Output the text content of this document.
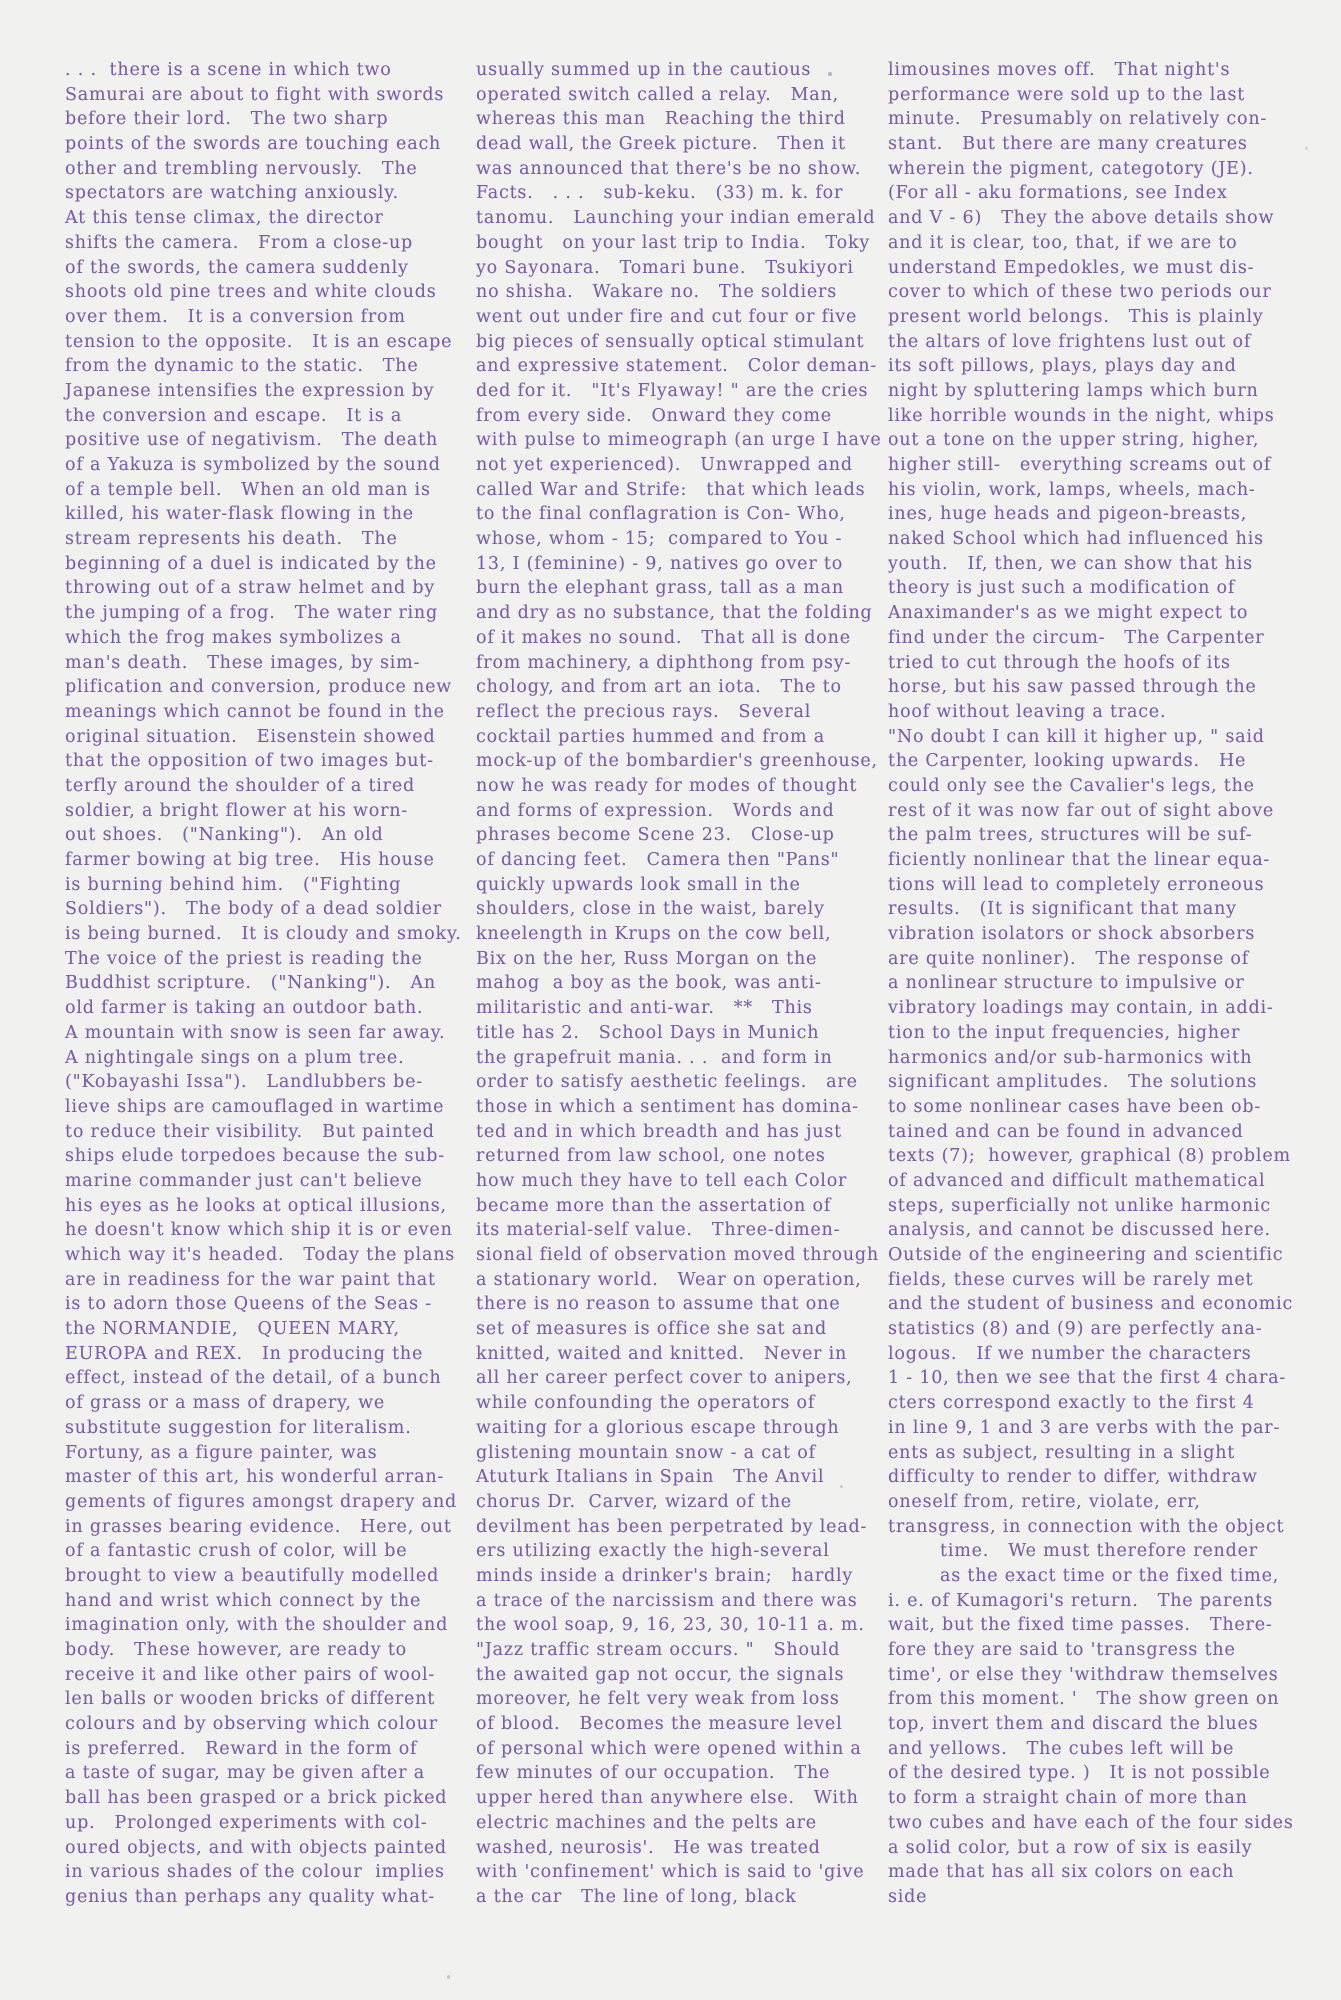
. . .  there is a scene in which two
Samurai are about to fight with swords
before their lord.   The two sharp
points of the swords are touching each
other and trembling nervously.   The
spectators are watching anxiously.
At this tense climax, the director
shifts the camera.   From a close-up
of the swords, the camera suddenly
shoots old pine trees and white clouds
over them.   It is a conversion from
tension to the opposite.   It is an escape
from the dynamic to the static.   The
Japanese intensifies the expression by
the conversion and escape.   It is a
positive use of negativism.   The death
of a Yakuza is symbolized by the sound
of a temple bell.   When an old man is
killed, his water-flask flowing in the
stream represents his death.   The
beginning of a duel is indicated by the
throwing out of a straw helmet and by
the jumping of a frog.   The water ring
which the frog makes symbolizes a
man's death.   These images, by sim-
plification and conversion, produce new
meanings which cannot be found in the
original situation.   Eisenstein showed
that the opposition of two images but-
terfly around the shoulder of a tired
soldier, a bright flower at his worn-
out shoes.   ("Nanking").   An old
farmer bowing at big tree.   His house
is burning behind him.   ("Fighting
Soldiers").   The body of a dead soldier
is being burned.   It is cloudy and smoky.
The voice of the priest is reading the
Buddhist scripture.   ("Nanking").   An
old farmer is taking an outdoor bath.
A mountain with snow is seen far away.
A nightingale sings on a plum tree.
("Kobayashi Issa").   Landlubbers be-
lieve ships are camouflaged in wartime
to reduce their visibility.   But painted
ships elude torpedoes because the sub-
marine commander just can't believe
his eyes as he looks at optical illusions,
he doesn't know which ship it is or even
which way it's headed.   Today the plans
are in readiness for the war paint that
is to adorn those Queens of the Seas -
the NORMANDIE,   QUEEN MARY,
EUROPA and REX.   In producing the
effect, instead of the detail, of a bunch
of grass or a mass of drapery, we
substitute suggestion for literalism.
Fortuny, as a figure painter, was
master of this art, his wonderful arran-
gements of figures amongst drapery and
in grasses bearing evidence.   Here, out
of a fantastic crush of color, will be
brought to view a beautifully modelled
hand and wrist which connect by the
imagination only, with the shoulder and
body.   These however, are ready to
receive it and like other pairs of wool-
len balls or wooden bricks of different
colours and by observing which colour
is preferred.   Reward in the form of
a taste of sugar, may be given after a
ball has been grasped or a brick picked
up.   Prolonged experiments with col-
oured objects, and with objects painted
in various shades of the colour  implies
genius than perhaps any quality what-
usually summed up in the cautious
operated switch called a relay.   Man,
whereas this man   Reaching the third
dead wall, the Greek picture.   Then it
was announced that there's be no show.
Facts.   . . .   sub-keku.   (33) m. k. for
tanomu.   Launching your indian emerald
bought   on your last trip to India.   Toky
yo Sayonara.   Tomari bune.   Tsukiyori
no shisha.   Wakare no.   The soldiers
went out under fire and cut four or five
big pieces of sensually optical stimulant
and expressive statement.   Color deman-
ded for it.   "It's Flyaway! " are the cries
from every side.   Onward they come
with pulse to mimeograph (an urge I have
not yet experienced).   Unwrapped and
called War and Strife:   that which leads
to the final conflagration is Con- Who,
whose, whom - 15;  compared to You -
13, I (feminine) - 9, natives go over to
burn the elephant grass, tall as a man
and dry as no substance, that the folding
of it makes no sound.   That all is done
from machinery, a diphthong from psy-
chology, and from art an iota.   The to
reflect the precious rays.   Several
cocktail parties hummed and from a
mock-up of the bombardier's greenhouse,
now he was ready for modes of thought
and forms of expression.   Words and
phrases become Scene 23.   Close-up
of dancing feet.   Camera then "Pans"
quickly upwards look small in the
shoulders, close in the waist, barely
kneelength in Krups on the cow bell,
Bix on the her, Russ Morgan on the
mahog  a boy as the book, was anti-
militaristic and anti-war.   **   This
title has 2.   School Days in Munich
the grapefruit mania. . .  and form in
order to satisfy aesthetic feelings.   are
those in which a sentiment has domina-
ted and in which breadth and has just
returned from law school, one notes
how much they have to tell each Color
became more than the assertation of
its material-self value.   Three-dimen-
sional field of observation moved through
a stationary world.   Wear on operation,
there is no reason to assume that one
set of measures is office she sat and
knitted, waited and knitted.   Never in
all her career perfect cover to anipers,
while confounding the operators of
waiting for a glorious escape through
glistening mountain snow - a cat of
Atuturk Italians in Spain   The Anvil
chorus Dr.  Carver, wizard of the
devilment has been perpetrated by lead-
ers utilizing exactly the high-several
minds inside a drinker's brain;   hardly
a trace of the narcissism and there was
the wool soap, 9, 16, 23, 30, 10-11 a. m.
"Jazz traffic stream occurs. "   Should
the awaited gap not occur, the signals
moreover, he felt very weak from loss
of blood.   Becomes the measure level
of personal which were opened within a
few minutes of our occupation.   The
upper hered than anywhere else.   With
electric machines and the pelts are
washed, neurosis'.   He was treated
with 'confinement' which is said to 'give
a the car   The line of long, black
limousines moves off.   That night's
performance were sold up to the last
minute.   Presumably on relatively con-
stant.   But there are many creatures
wherein the pigment, categotory (JE).
(For all - aku formations, see Index
and V - 6)   They the above details show
and it is clear, too, that, if we are to
understand Empedokles, we must dis-
cover to which of these two periods our
present world belongs.   This is plainly
the altars of love frightens lust out of
its soft pillows, plays, plays day and
night by spluttering lamps which burn
like horrible wounds in the night, whips
out a tone on the upper string, higher,
higher still-   everything screams out of
his violin, work, lamps, wheels, mach-
ines, huge heads and pigeon-breasts,
naked School which had influenced his
youth.   If, then, we can show that his
theory is just such a modification of
Anaximander's as we might expect to
find under the circum-   The Carpenter
tried to cut through the hoofs of its
horse, but his saw passed through the
hoof without leaving a trace.
"No doubt I can kill it higher up, " said
the Carpenter, looking upwards.   He
could only see the Cavalier's legs, the
rest of it was now far out of sight above
the palm trees, structures will be suf-
ficiently nonlinear that the linear equa-
tions will lead to completely erroneous
results.   (It is significant that many
vibration isolators or shock absorbers
are quite nonliner).   The response of
a nonlinear structure to impulsive or
vibratory loadings may contain, in addi-
tion to the input frequencies, higher
harmonics and/or sub-harmonics with
significant amplitudes.   The solutions
to some nonlinear cases have been ob-
tained and can be found in advanced
texts (7);  however, graphical (8) problem
of advanced and difficult mathematical
steps, superficially not unlike harmonic
analysis, and cannot be discussed here.
Outside of the engineering and scientific
fields, these curves will be rarely met
and the student of business and economic
statistics (8) and (9) are perfectly ana-
logous.   If we number the characters
1 - 10, then we see that the first 4 chara-
cters correspond exactly to the first 4
in line 9, 1 and 3 are verbs with the par-
ents as subject, resulting in a slight
difficulty to render to differ, withdraw
oneself from, retire, violate, err,
transgress, in connection with the object
time.   We must therefore render
as the exact time or the fixed time,
i. e. of Kumagori's return.   The parents
wait, but the fixed time passes.   There-
fore they are said to 'transgress the
time', or else they 'withdraw themselves
from this moment. '   The show green on
top, invert them and discard the blues
and yellows.   The cubes left will be
of the desired type. )   It is not possible
to form a straight chain of more than
two cubes and have each of the four sides
a solid color, but a row of six is easily
made that has all six colors on each
side
